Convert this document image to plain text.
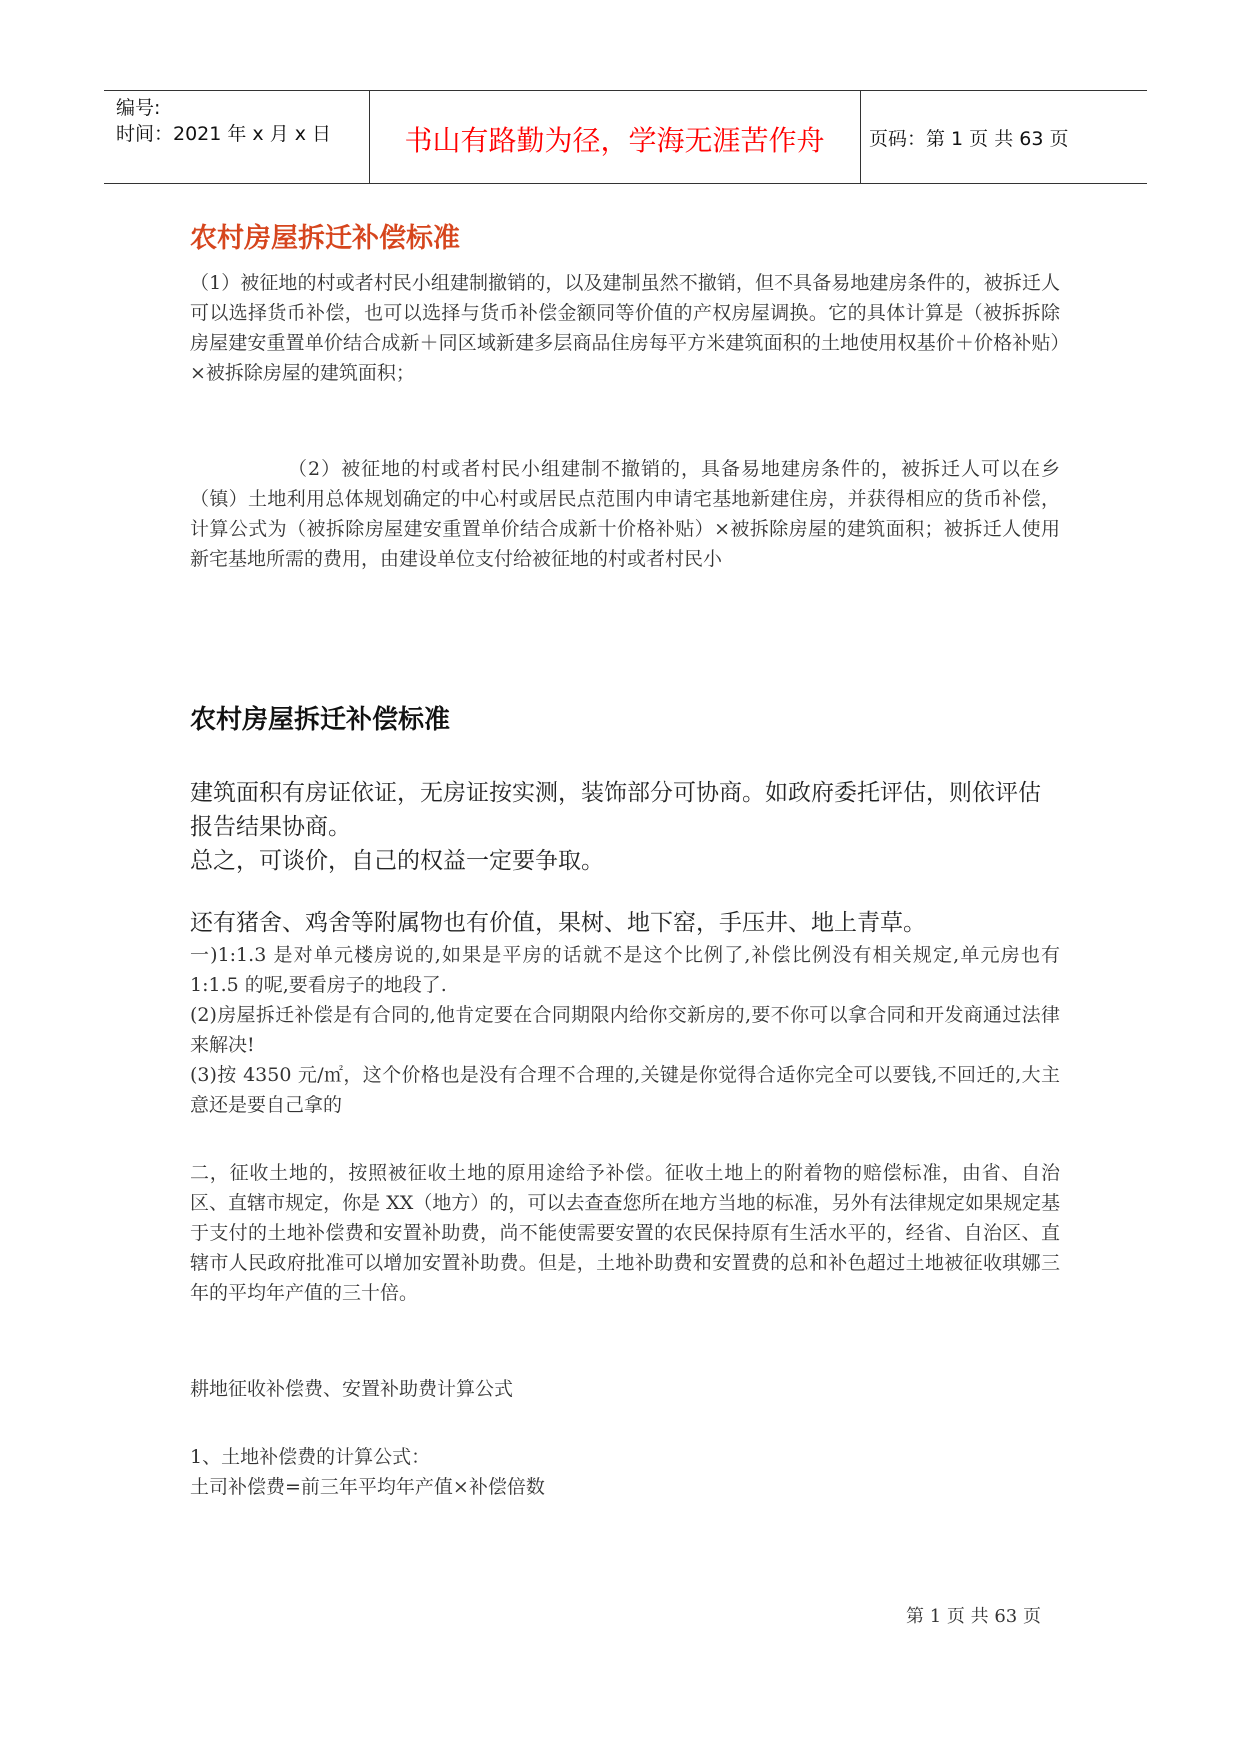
编号:
时间：2021 年 x 月 x 日	书山有路勤为径，学海无涯苦作舟	页码：第 1 页 共 63 页
农村房屋拆迁补偿标准

（1）被征地的村或者村民小组建制撤销的，以及建制虽然不撤销，但不具备易地建房条件的，被拆迁人可以选择货币补偿，也可以选择与货币补偿金额同等价值的产权房屋调换。它的具体计算是（被拆拆除房屋建安重置单价结合成新＋同区域新建多层商品住房每平方米建筑面积的土地使用权基价＋价格补贴）×被拆除房屋的建筑面积；

（2）被征地的村或者村民小组建制不撤销的，具备易地建房条件的，被拆迁人可以在乡（镇）土地利用总体规划确定的中心村或居民点范围内申请宅基地新建住房，并获得相应的货币补偿，计算公式为（被拆除房屋建安重置单价结合成新十价格补贴）×被拆除房屋的建筑面积；被拆迁人使用新宅基地所需的费用，由建设单位支付给被征地的村或者村民小

农村房屋拆迁补偿标准

建筑面积有房证依证，无房证按实测，装饰部分可协商。如政府委托评估，则依评估报告结果协商。

总之，可谈价，自己的权益一定要争取。

还有猪舍、鸡舍等附属物也有价值，果树、地下窑，手压井、地上青草。

一)1:1.3 是对单元楼房说的,如果是平房的话就不是这个比例了,补偿比例没有相关规定,单元房也有 1:1.5 的呢,要看房子的地段了.

(2)房屋拆迁补偿是有合同的,他肯定要在合同期限内给你交新房的,要不你可以拿合同和开发商通过法律来解决!

(3)按 4350 元/㎡，这个价格也是没有合理不合理的,关键是你觉得合适你完全可以要钱,不回迁的,大主意还是要自己拿的

二，征收土地的，按照被征收土地的原用途给予补偿。征收土地上的附着物的赔偿标准，由省、自治区、直辖市规定，你是 XX（地方）的，可以去查查您所在地方当地的标准，另外有法律规定如果规定基于支付的土地补偿费和安置补助费，尚不能使需要安置的农民保持原有生活水平的，经省、自治区、直辖市人民政府批准可以增加安置补助费。但是，土地补助费和安置费的总和补色超过土地被征收琪娜三年的平均年产值的三十倍。

耕地征收补偿费、安置补助费计算公式

1、土地补偿费的计算公式：

土司补偿费=前三年平均年产值×补偿倍数

第 1 页 共 63 页
